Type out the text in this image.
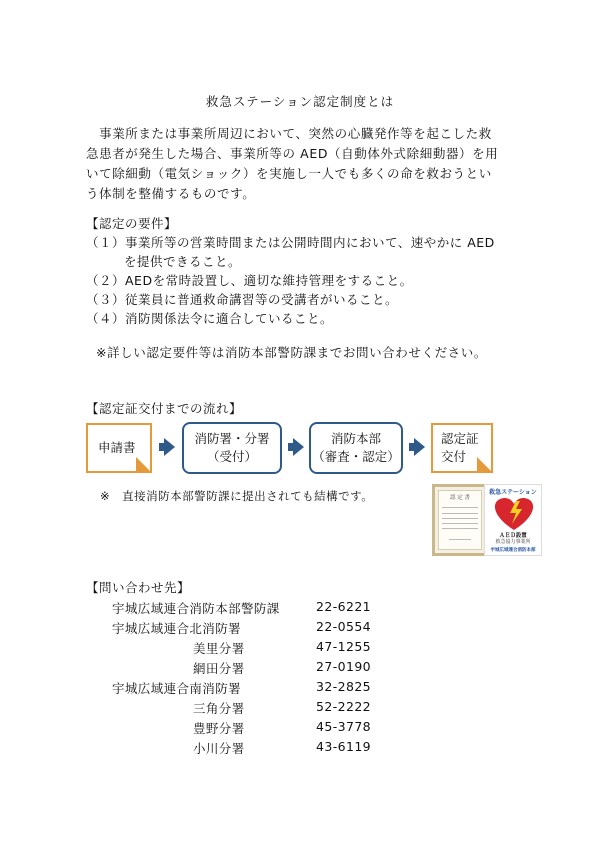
救急ステーション認定制度とは
　事業所または事業所周辺において、突然の心臓発作等を起こした救
急患者が発生した場合、事業所等の AED（自動体外式除細動器）を用
いて除細動（電気ショック）を実施し一人でも多くの命を救おうとい
う体制を整備するものです。
【認定の要件】
（１）事業所等の営業時間または公開時間内において、速やかに AED
を提供できること。
（２）AEDを常時設置し、適切な維持管理をすること。
（３）従業員に普通救命講習等の受講者がいること。
（４）消防関係法令に適合していること。
※詳しい認定要件等は消防本部警防課までお問い合わせください。
【認定証交付までの流れ】
申請書
消防署・分署
（受付）
消防本部
（審査・認定）
認定証
交付
※　直接消防本部警防課に提出されても結構です。	認 定 書
救急ステーション
ＡＥＤ設置
救急協力事業所
宇城広域連合消防本部
【問い合わせ先】
宇城広域連合消防本部警防課	22-6221
宇城広域連合北消防署	22-0554
美里分署	47-1255
網田分署	27-0190
宇城広域連合南消防署	32-2825
三角分署	52-2222
豊野分署	45-3778
小川分署	43-6119
